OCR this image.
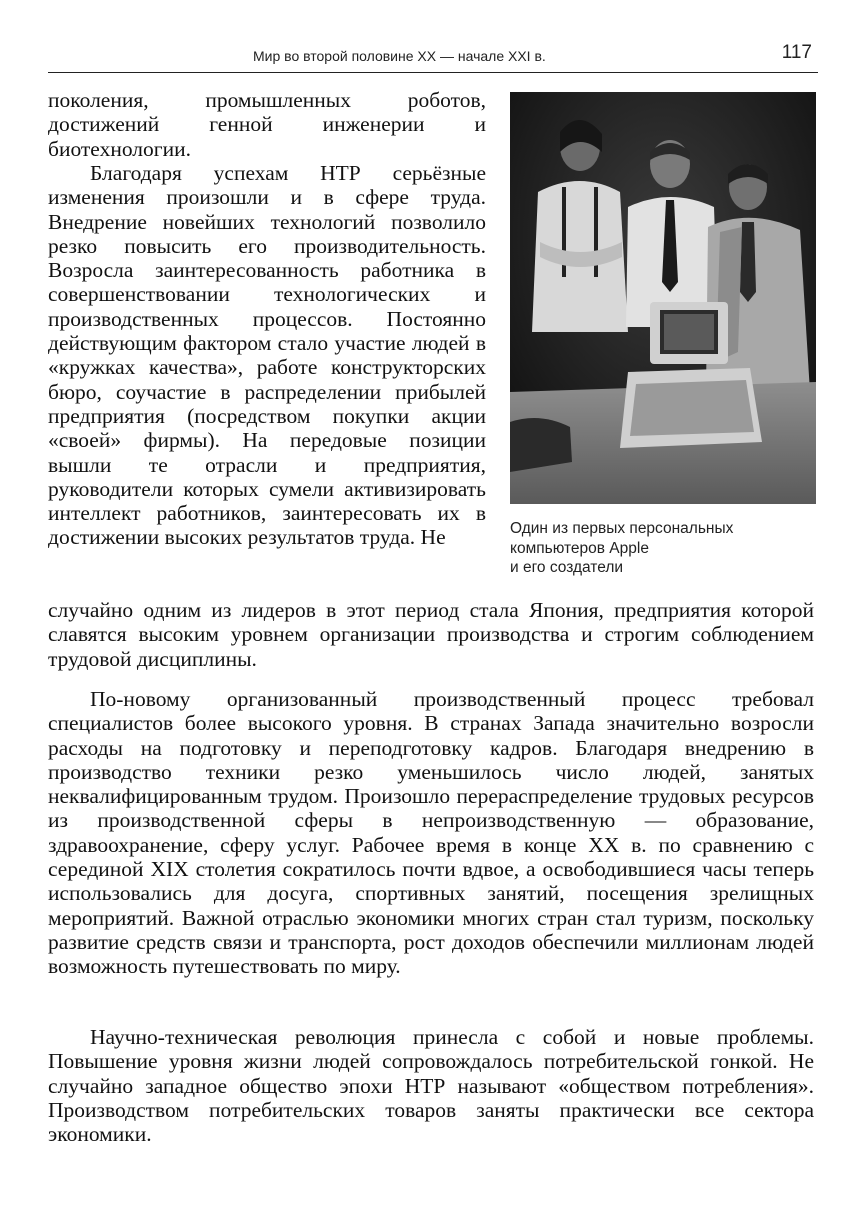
Мир во второй половине XX — начале XXI в.	117

поколения, промышленных роботов, достижений генной инженерии и биотехнологии.

Благодаря успехам НТР серьёзные изменения произошли и в сфере труда. Внедрение новейших технологий позволило резко повысить его производительность. Возросла заинтересованность работника в совершенствовании технологических и производственных процессов. Постоянно действующим фактором стало участие людей в «кружках качества», работе конструкторских бюро, соучастие в распределении прибылей предприятия (посредством покупки акции «своей» фирмы). На передовые позиции вышли те отрасли и предприятия, руководители которых сумели активизировать интеллект работников, заинтересовать их в достижении высоких результатов труда. Не

случайно одним из лидеров в этот период стала Япония, предприятия которой славятся высоким уровнем организации производства и строгим соблюдением трудовой дисциплины.

По-новому организованный производственный процесс требовал специалистов более высокого уровня. В странах Запада значительно возросли расходы на подготовку и переподготовку кадров. Благодаря внедрению в производство техники резко уменьшилось число людей, занятых неквалифицированным трудом. Произошло перераспределение трудовых ресурсов из производственной сферы в непроизводственную — образование, здравоохранение, сферу услуг. Рабочее время в конце XX в. по сравнению с серединой XIX столетия сократилось почти вдвое, а освободившиеся часы теперь использовались для досуга, спортивных занятий, посещения зрелищных мероприятий. Важной отраслью экономики многих стран стал туризм, поскольку развитие средств связи и транспорта, рост доходов обеспечили миллионам людей возможность путешествовать по миру.

Научно-техническая революция принесла с собой и новые проблемы. Повышение уровня жизни людей сопровождалось потребительской гонкой. Не случайно западное общество эпохи НТР называют «обществом потребления». Производством потребительских товаров заняты практически все сектора экономики.

Один из первых персональных
компьютеров Apple
и его создатели
